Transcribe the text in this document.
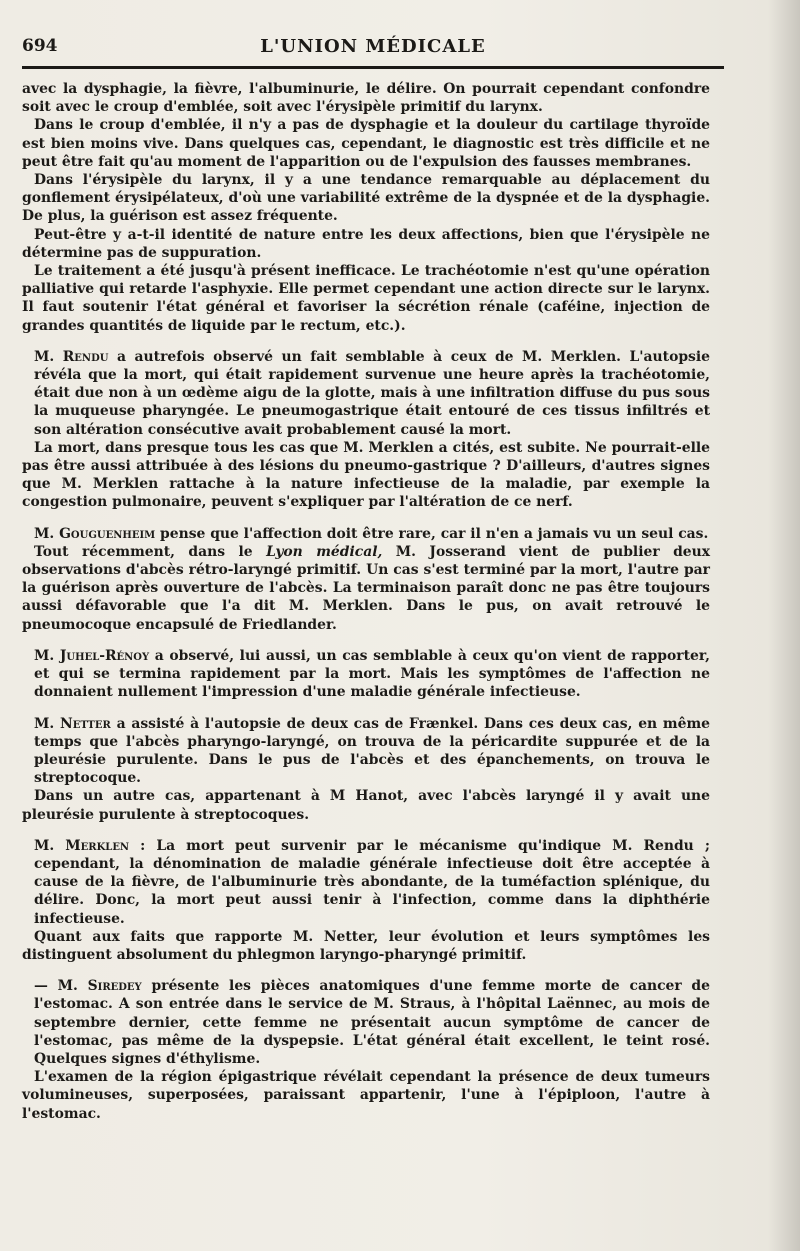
694	L'UNION MÉDICALE

avec la dysphagie, la fièvre, l'albuminurie, le délire. On pourrait cependant confondre soit avec le croup d'emblée, soit avec l'érysipèle primitif du larynx.

Dans le croup d'emblée, il n'y a pas de dysphagie et la douleur du cartilage thyroïde est bien moins vive. Dans quelques cas, cependant, le diagnostic est très difficile et ne peut être fait qu'au moment de l'apparition ou de l'expulsion des fausses membranes.

Dans l'érysipèle du larynx, il y a une tendance remarquable au déplacement du gonflement érysipélateux, d'où une variabilité extrême de la dyspnée et de la dysphagie. De plus, la guérison est assez fréquente.

Peut-être y a-t-il identité de nature entre les deux affections, bien que l'érysipèle ne détermine pas de suppuration.

Le traitement a été jusqu'à présent inefficace. Le trachéotomie n'est qu'une opération palliative qui retarde l'asphyxie. Elle permet cependant une action directe sur le larynx. Il faut soutenir l'état général et favoriser la sécrétion rénale (caféine, injection de grandes quantités de liquide par le rectum, etc.).

M. Rendu a autrefois observé un fait semblable à ceux de M. Merklen. L'autopsie révéla que la mort, qui était rapidement survenue une heure après la trachéotomie, était due non à un œdème aigu de la glotte, mais à une infiltration diffuse du pus sous la muqueuse pharyngée. Le pneumogastrique était entouré de ces tissus infiltrés et son altération consécutive avait probablement causé la mort.

La mort, dans presque tous les cas que M. Merklen a cités, est subite. Ne pourrait-elle pas être aussi attribuée à des lésions du pneumo-gastrique ? D'ailleurs, d'autres signes que M. Merklen rattache à la nature infectieuse de la maladie, par exemple la congestion pulmonaire, peuvent s'expliquer par l'altération de ce nerf.

M. Gouguenheim pense que l'affection doit être rare, car il n'en a jamais vu un seul cas.

Tout récemment, dans le Lyon médical, M. Josserand vient de publier deux observations d'abcès rétro-laryngé primitif. Un cas s'est terminé par la mort, l'autre par la guérison après ouverture de l'abcès. La terminaison paraît donc ne pas être toujours aussi défavorable que l'a dit M. Merklen. Dans le pus, on avait retrouvé le pneumocoque encapsulé de Friedlander.

M. Juhel-Rénoy a observé, lui aussi, un cas semblable à ceux qu'on vient de rapporter, et qui se termina rapidement par la mort. Mais les symptômes de l'affection ne donnaient nullement l'impression d'une maladie générale infectieuse.

M. Netter a assisté à l'autopsie de deux cas de Frænkel. Dans ces deux cas, en même temps que l'abcès pharyngo-laryngé, on trouva de la péricardite suppurée et de la pleurésie purulente. Dans le pus de l'abcès et des épanchements, on trouva le streptocoque.

Dans un autre cas, appartenant à M Hanot, avec l'abcès laryngé il y avait une pleurésie purulente à streptocoques.

M. Merklen : La mort peut survenir par le mécanisme qu'indique M. Rendu ; cependant, la dénomination de maladie générale infectieuse doit être acceptée à cause de la fièvre, de l'albuminurie très abondante, de la tuméfaction splénique, du délire. Donc, la mort peut aussi tenir à l'infection, comme dans la diphthérie infectieuse.

Quant aux faits que rapporte M. Netter, leur évolution et leurs symptômes les distinguent absolument du phlegmon laryngo-pharyngé primitif.

— M. Siredey présente les pièces anatomiques d'une femme morte de cancer de l'estomac. A son entrée dans le service de M. Straus, à l'hôpital Laënnec, au mois de septembre dernier, cette femme ne présentait aucun symptôme de cancer de l'estomac, pas même de la dyspepsie. L'état général était excellent, le teint rosé. Quelques signes d'éthylisme.

L'examen de la région épigastrique révélait cependant la présence de deux tumeurs volumineuses, superposées, paraissant appartenir, l'une à l'épiploon, l'autre à l'estomac.
